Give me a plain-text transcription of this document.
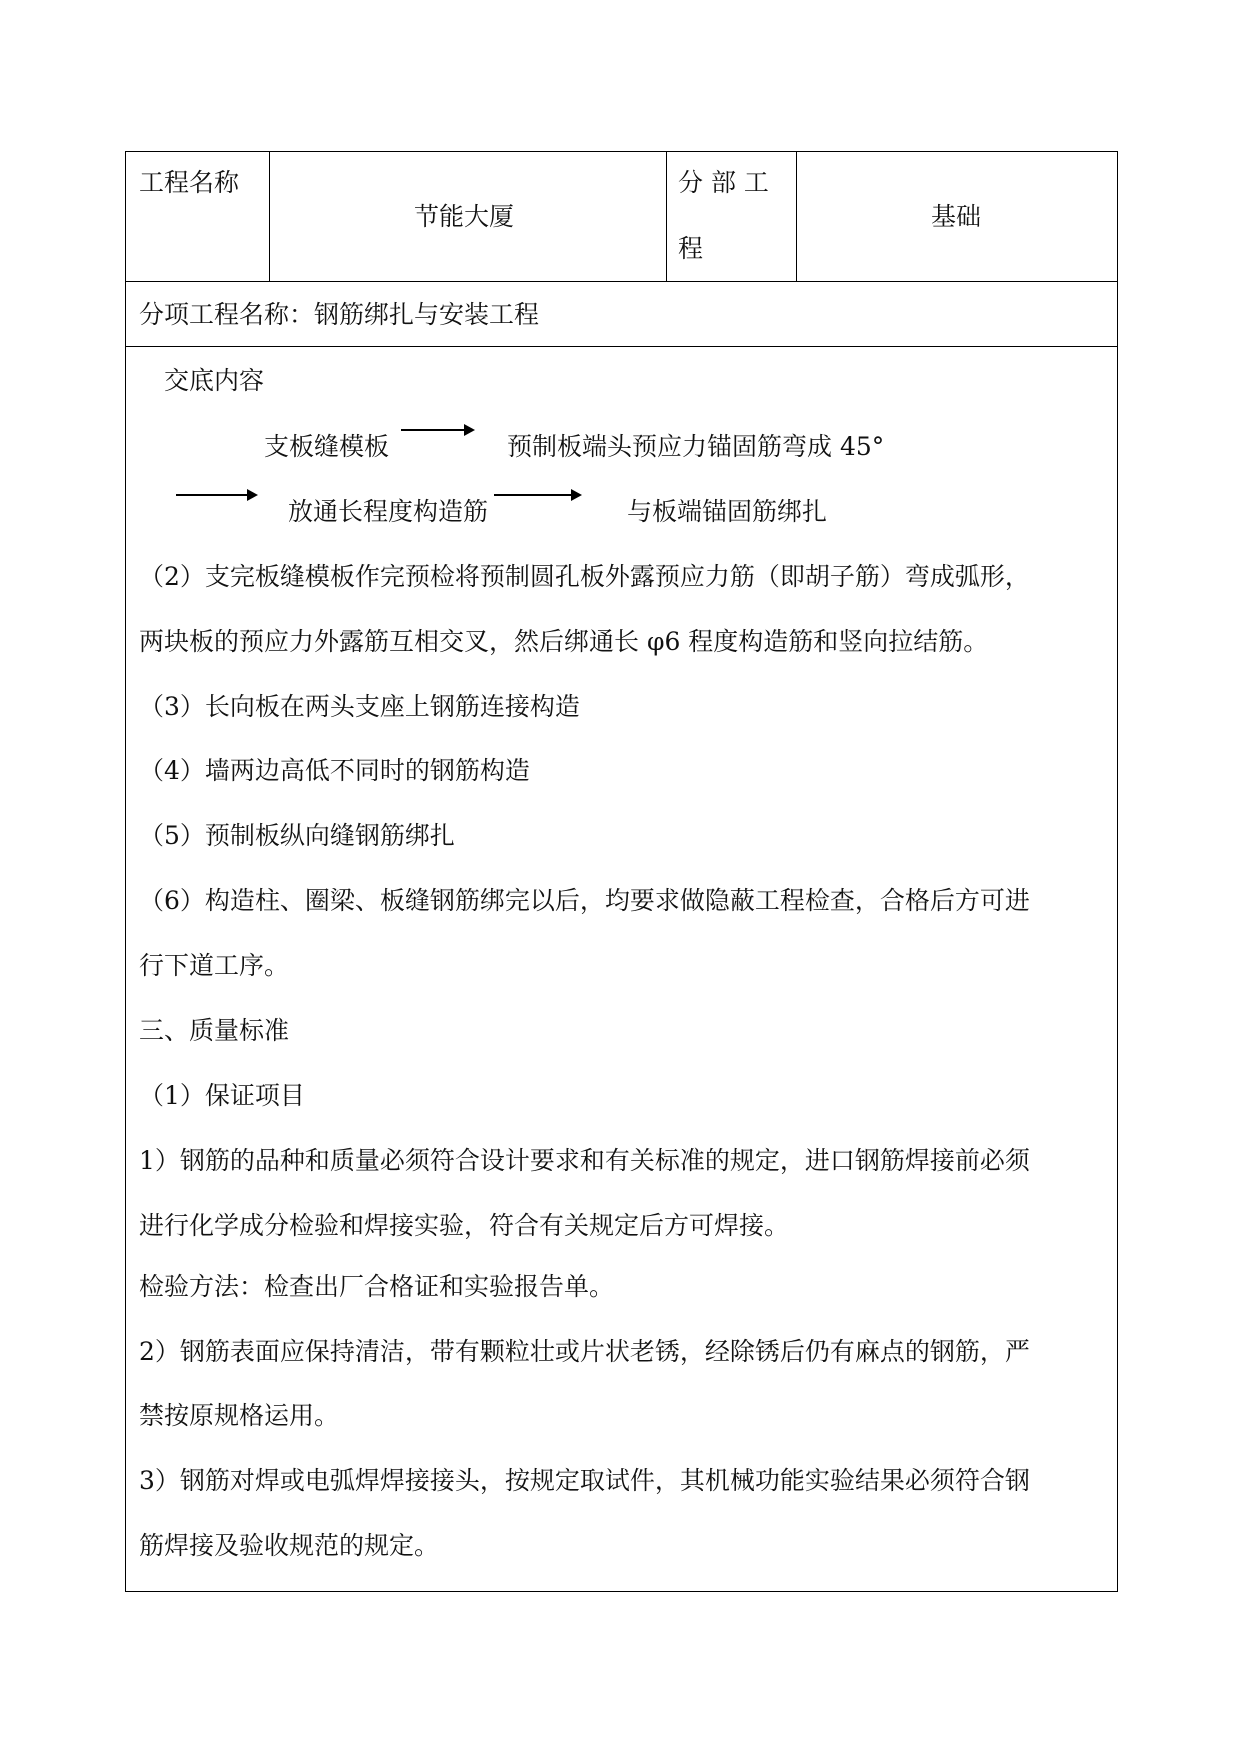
工程名称
节能大厦
分 部 工
程
基础
分项工程名称：钢筋绑扎与安装工程
交底内容
支板缝模板	预制板端头预应力锚固筋弯成 45°
放通长程度构造筋	与板端锚固筋绑扎
（2）支完板缝模板作完预检将预制圆孔板外露预应力筋（即胡子筋）弯成弧形，
两块板的预应力外露筋互相交叉，然后绑通长 φ6 程度构造筋和竖向拉结筋。
（3）长向板在两头支座上钢筋连接构造
（4）墙两边高低不同时的钢筋构造
（5）预制板纵向缝钢筋绑扎
（6）构造柱、圈梁、板缝钢筋绑完以后，均要求做隐蔽工程检查，合格后方可进
行下道工序。
三、质量标准
（1）保证项目
1）钢筋的品种和质量必须符合设计要求和有关标准的规定，进口钢筋焊接前必须
进行化学成分检验和焊接实验，符合有关规定后方可焊接。
检验方法：检查出厂合格证和实验报告单。
2）钢筋表面应保持清洁，带有颗粒壮或片状老锈，经除锈后仍有麻点的钢筋，严
禁按原规格运用。
3）钢筋对焊或电弧焊焊接接头，按规定取试件，其机械功能实验结果必须符合钢
筋焊接及验收规范的规定。
